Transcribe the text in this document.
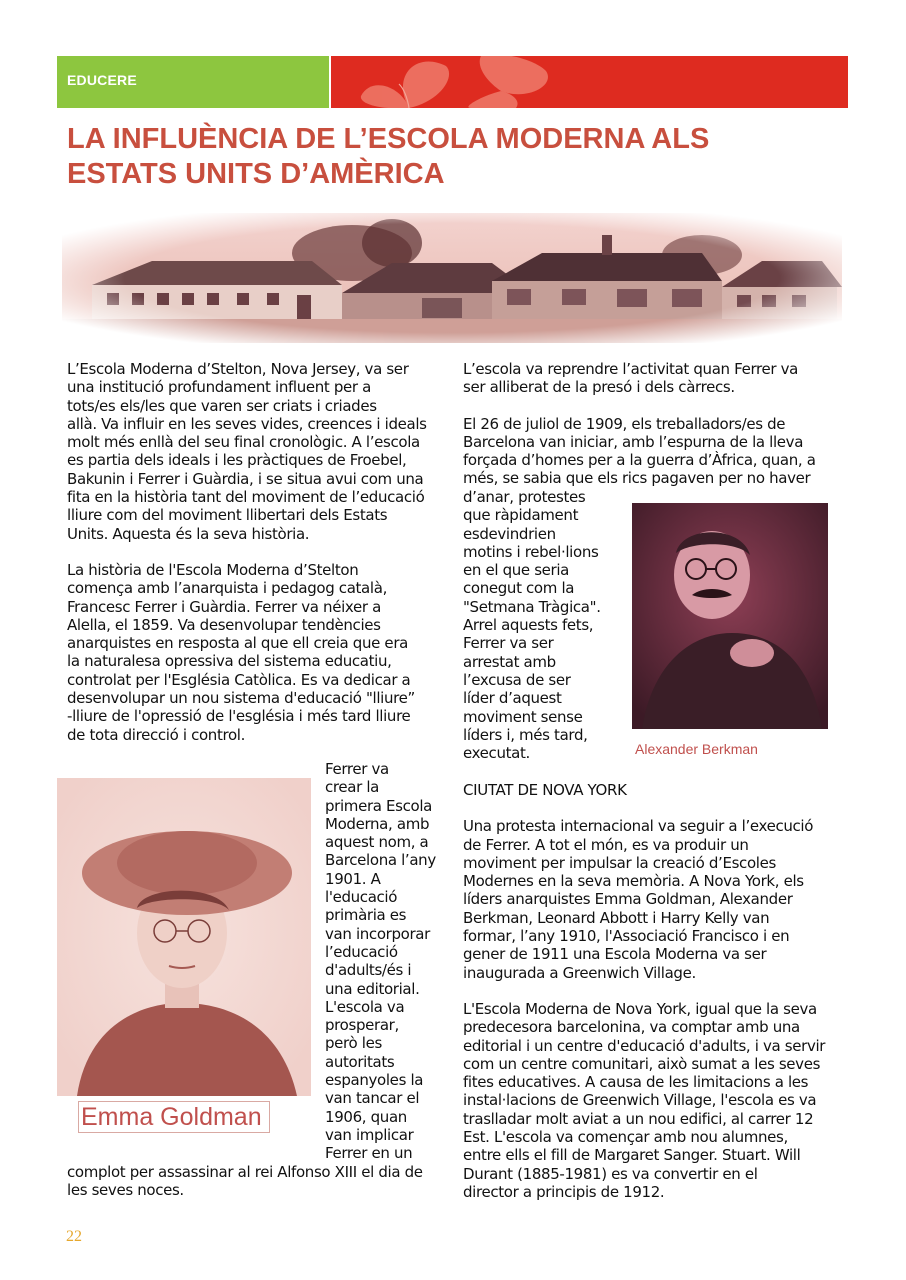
EDUCERE
LA INFLUÈNCIA DE L’ESCOLA MODERNA ALS
ESTATS UNITS D’AMÈRICA

L’Escola Moderna d’Stelton, Nova Jersey, va ser
una institució profundament influent per a
tots/es els/les que varen ser criats i criades
allà. Va influir en les seves vides, creences i ideals
molt més enllà del seu final cronològic. A l’escola
es partia dels ideals i les pràctiques de Froebel,
Bakunin i Ferrer i Guàrdia, i se situa avui com una
fita en la història tant del moviment de l’educació
lliure com del moviment llibertari dels Estats
Units. Aquesta és la seva història.

La història de l'Escola Moderna d’Stelton
comença amb l’anarquista i pedagog català,
Francesc Ferrer i Guàrdia. Ferrer va néixer a
Alella, el 1859. Va desenvolupar tendències
anarquistes en resposta al que ell creia que era
la naturalesa opressiva del sistema educatiu,
controlat per l'Església Catòlica. Es va dedicar a
desenvolupar un nou sistema d'educació "lliure”
-lliure de l'opressió de l'església i més tard lliure
de tota direcció i control.

Emma Goldman

Ferrer va
crear la
primera Escola
Moderna, amb
aquest nom, a
Barcelona l’any
1901. A
l'educació
primària es
van incorporar
l’educació
d'adults/és i
una editorial.
L'escola va
prosperar,
però les
autoritats
espanyoles la
van tancar el
1906, quan
van implicar
Ferrer en un

complot per assassinar al rei Alfonso XIII el dia de
les seves noces.

L’escola va reprendre l’activitat quan Ferrer va
ser alliberat de la presó i dels càrrecs.

El 26 de juliol de 1909, els treballadors/es de
Barcelona van iniciar, amb l’espurna de la lleva
forçada d’homes per a la guerra d’Àfrica, quan, a
més, se sabia que els rics pagaven per no haver

d’anar, protestes
que ràpidament
esdevindrien
motins i rebel·lions
en el que seria
conegut com la
"Setmana Tràgica".
Arrel aquests fets,
Ferrer va ser
arrestat amb
l’excusa de ser
líder d’aquest
moviment sense
líders i, més tard,
executat.	Alexander Berkman

CIUTAT DE NOVA YORK

Una protesta internacional va seguir a l’execució
de Ferrer. A tot el món, es va produir un
moviment per impulsar la creació d’Escoles
Modernes en la seva memòria. A Nova York, els
líders anarquistes Emma Goldman, Alexander
Berkman, Leonard Abbott i Harry Kelly van
formar, l’any 1910, l'Associació Francisco i en
gener de 1911 una Escola Moderna va ser
inaugurada a Greenwich Village.

L'Escola Moderna de Nova York, igual que la seva
predecesora barcelonina, va comptar amb una
editorial i un centre d'educació d'adults, i va servir
com un centre comunitari, això sumat a les seves
fites educatives. A causa de les limitacions a les
instal·lacions de Greenwich Village, l'escola es va
traslladar molt aviat a un nou edifici, al carrer 12
Est. L'escola va començar amb nou alumnes,
entre ells el fill de Margaret Sanger. Stuart. Will
Durant (1885-1981) es va convertir en el
director a principis de 1912.

22
